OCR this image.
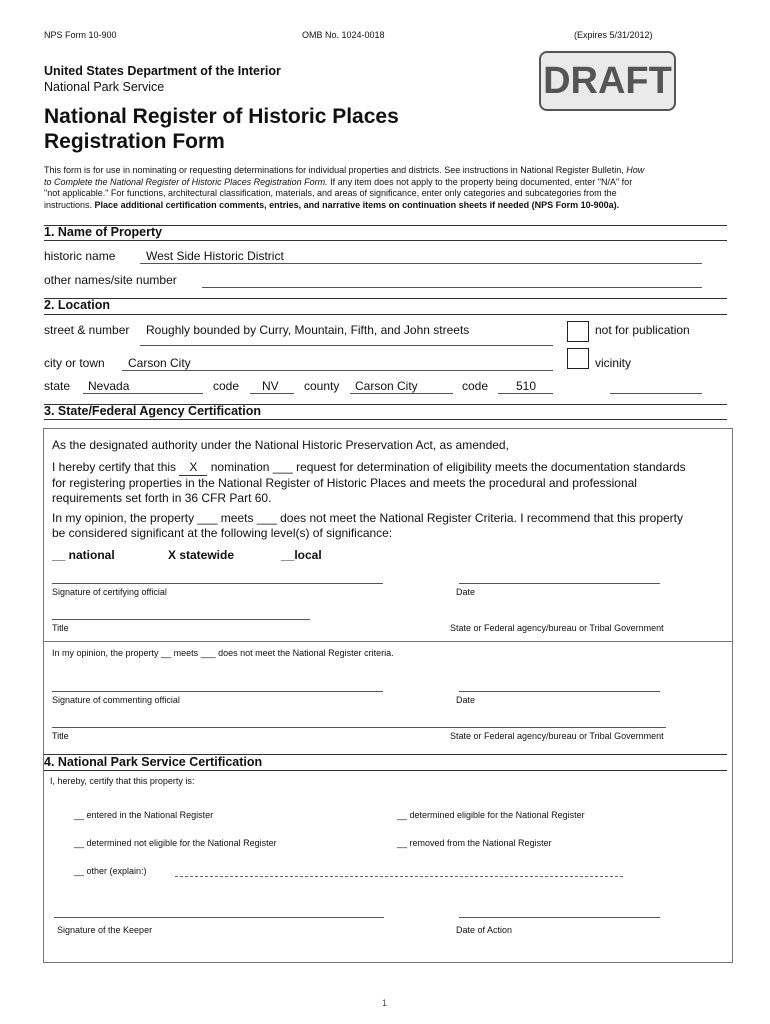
NPS Form 10-900	OMB No. 1024-0018	(Expires 5/31/2012)
United States Department of the Interior
National Park Service	DRAFT
National Register of Historic Places
Registration Form
This form is for use in nominating or requesting determinations for individual properties and districts. See instructions in National Register Bulletin, How
to Complete the National Register of Historic Places Registration Form. If any item does not apply to the property being documented, enter "N/A" for
"not applicable." For functions, architectural classification, materials, and areas of significance, enter only categories and subcategories from the
instructions. Place additional certification comments, entries, and narrative items on continuation sheets if needed (NPS Form 10-900a).
1. Name of Property
historic name	West Side Historic District
other names/site number
2. Location
street & number Roughly bounded by Curry, Mountain, Fifth, and John streets	not for publication
city or town Carson City	vicinity
state Nevada	code NV county Carson City	code 510
3. State/Federal Agency Certification
As the designated authority under the National Historic Preservation Act, as amended,
I hereby certify that this X nomination ___ request for determination of eligibility meets the documentation standards
for registering properties in the National Register of Historic Places and meets the procedural and professional
requirements set forth in 36 CFR Part 60.
In my opinion, the property ___ meets ___ does not meet the National Register Criteria. I recommend that this property
be considered significant at the following level(s) of significance:
__ national	X statewide	__local
Signature of certifying official	Date
Title	State or Federal agency/bureau or Tribal Government
In my opinion, the property __ meets ___ does not meet the National Register criteria.
Signature of commenting official	Date
Title	State or Federal agency/bureau or Tribal Government
4. National Park Service Certification
I, hereby, certify that this property is:
__ entered in the National Register	__ determined eligible for the National Register
__ determined not eligible for the National Register	__ removed from the National Register
__ other (explain:)
Signature of the Keeper	Date of Action
1
